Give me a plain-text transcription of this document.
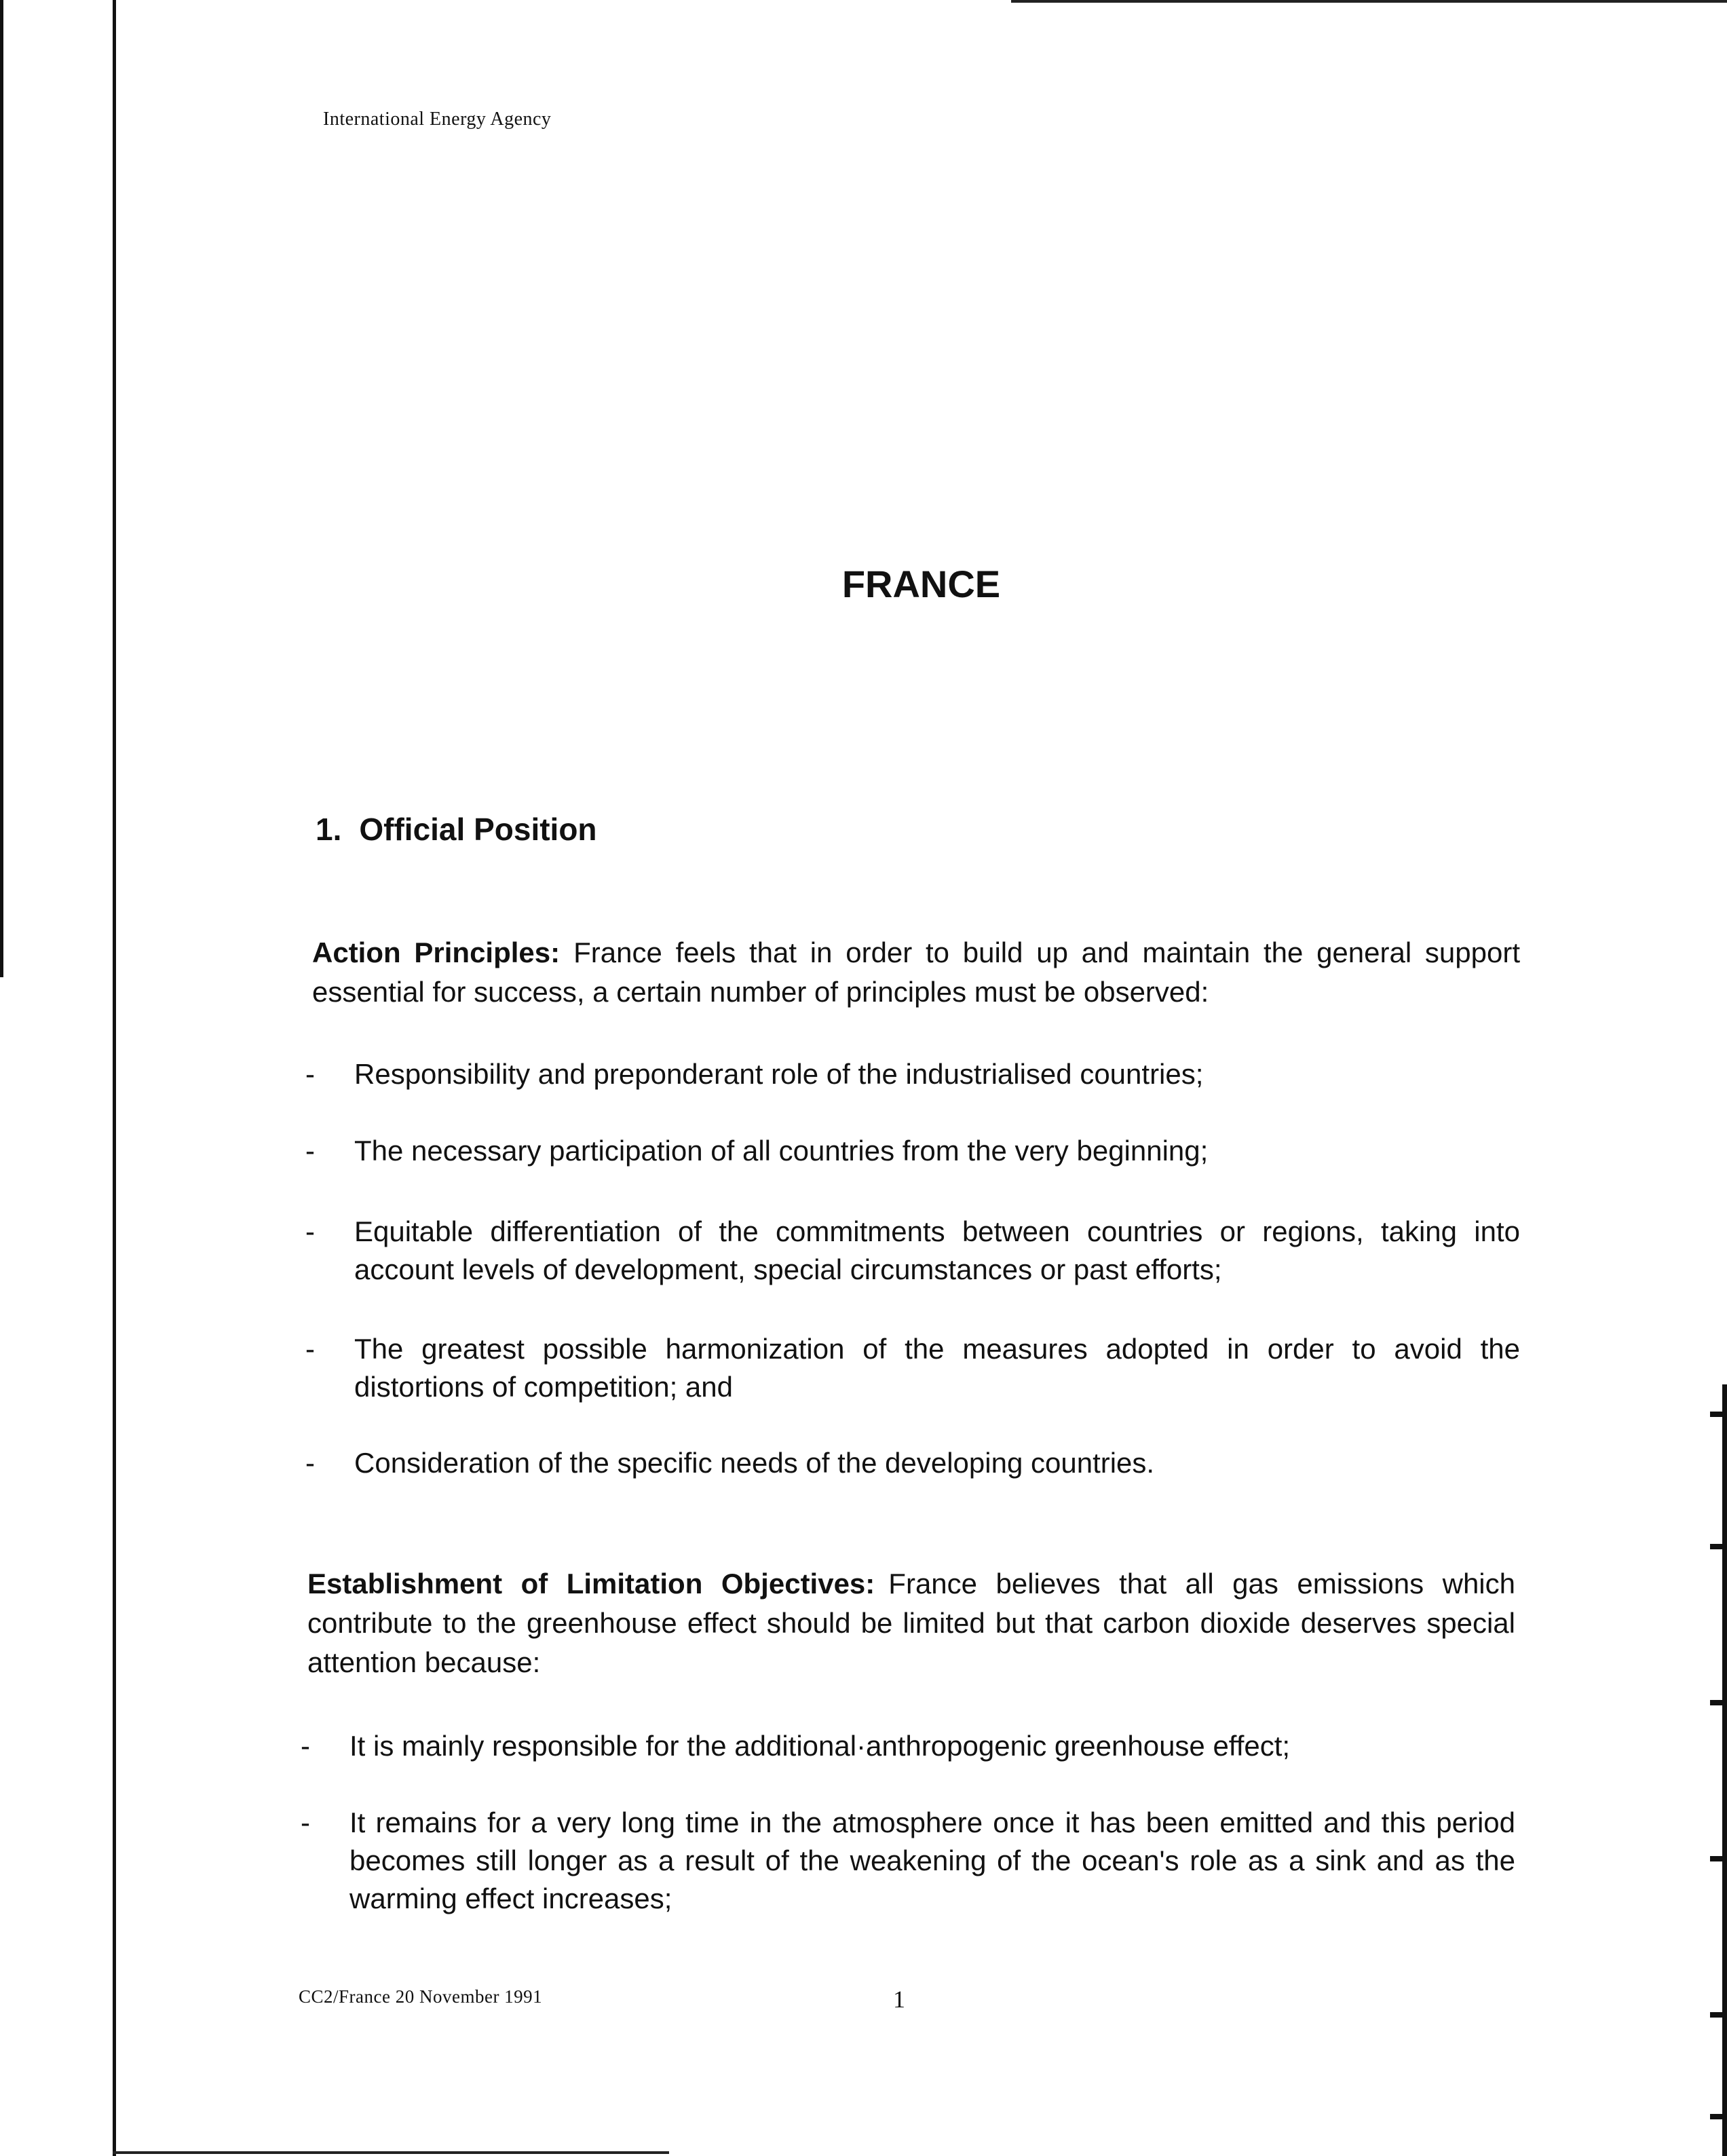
International Energy Agency
FRANCE
1. Official Position
Action Principles: France feels that in order to build up and maintain the general support essential for success, a certain number of principles must be observed:
-	Responsibility and preponderant role of the industrialised countries;
-	The necessary participation of all countries from the very beginning;
-	Equitable differentiation of the commitments between countries or regions, taking into account levels of development, special circumstances or past efforts;
-	The greatest possible harmonization of the measures adopted in order to avoid the distortions of competition; and
-	Consideration of the specific needs of the developing countries.
Establishment of Limitation Objectives: France believes that all gas emissions which contribute to the greenhouse effect should be limited but that carbon dioxide deserves special attention because:
-	It is mainly responsible for the additional·anthropogenic greenhouse effect;
-	It remains for a very long time in the atmosphere once it has been emitted and this period becomes still longer as a result of the weakening of the ocean's role as a sink and as the warming effect increases;
CC2/France 20 November 1991	1
